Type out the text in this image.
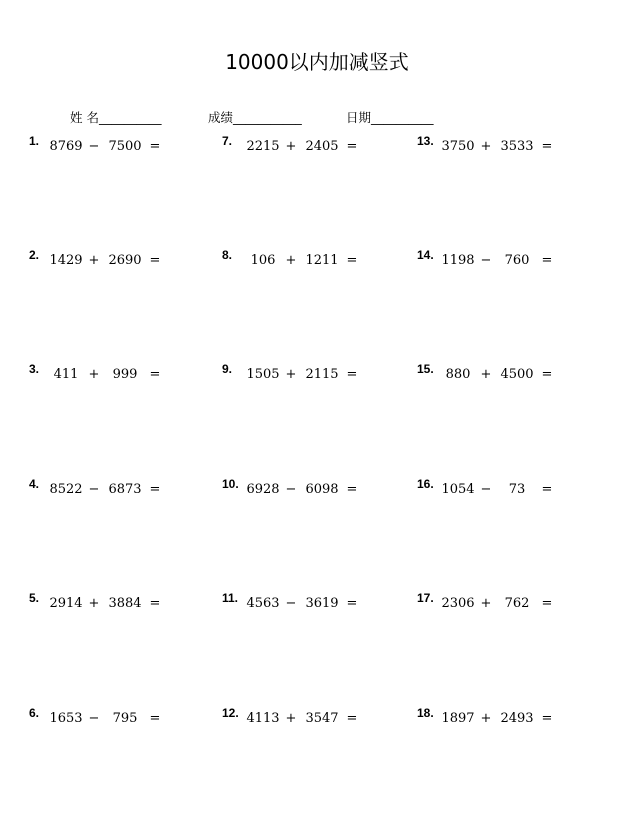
10000以内加减竖式
姓 名__________	成绩___________	日期__________
1. 8769 − 7500 =
2. 1429 + 2690 =
3.	411 + 999 =
4. 8522 − 6873 =
5. 2914 + 3884 =
6. 1653 − 795 =
7. 2215 + 2405 =
8.	106 + 1211 =
9. 1505 + 2115 =
10. 6928 − 6098 =
11. 4563 − 3619 =
12. 4113 + 3547 =
13. 3750 + 3533 =
14. 1198 − 760 =
15. 880 + 4500 =
16. 1054 − 73 =
17. 2306 + 762 =
18. 1897 + 2493 =
